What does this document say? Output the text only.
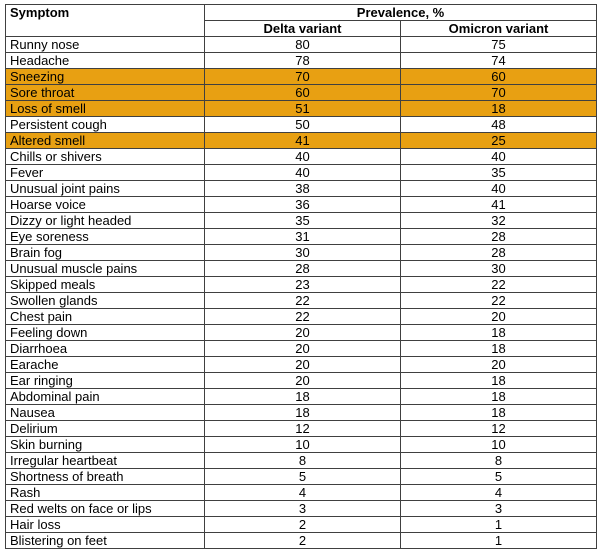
Symptom	Prevalence, %	
	Delta variant	Omicron variant
Runny nose	80	75
Headache	78	74
Sneezing	70	60
Sore throat	60	70
Loss of smell	51	18
Persistent cough	50	48
Altered smell	41	25
Chills or shivers	40	40
Fever	40	35
Unusual joint pains	38	40
Hoarse voice	36	41
Dizzy or light headed	35	32
Eye soreness	31	28
Brain fog	30	28
Unusual muscle pains	28	30
Skipped meals	23	22
Swollen glands	22	22
Chest pain	22	20
Feeling down	20	18
Diarrhoea	20	18
Earache	20	20
Ear ringing	20	18
Abdominal pain	18	18
Nausea	18	18
Delirium	12	12
Skin burning	10	10
Irregular heartbeat	8	8
Shortness of breath	5	5
Rash	4	4
Red welts on face or lips	3	3
Hair loss	2	1
Blistering on feet	2	1
